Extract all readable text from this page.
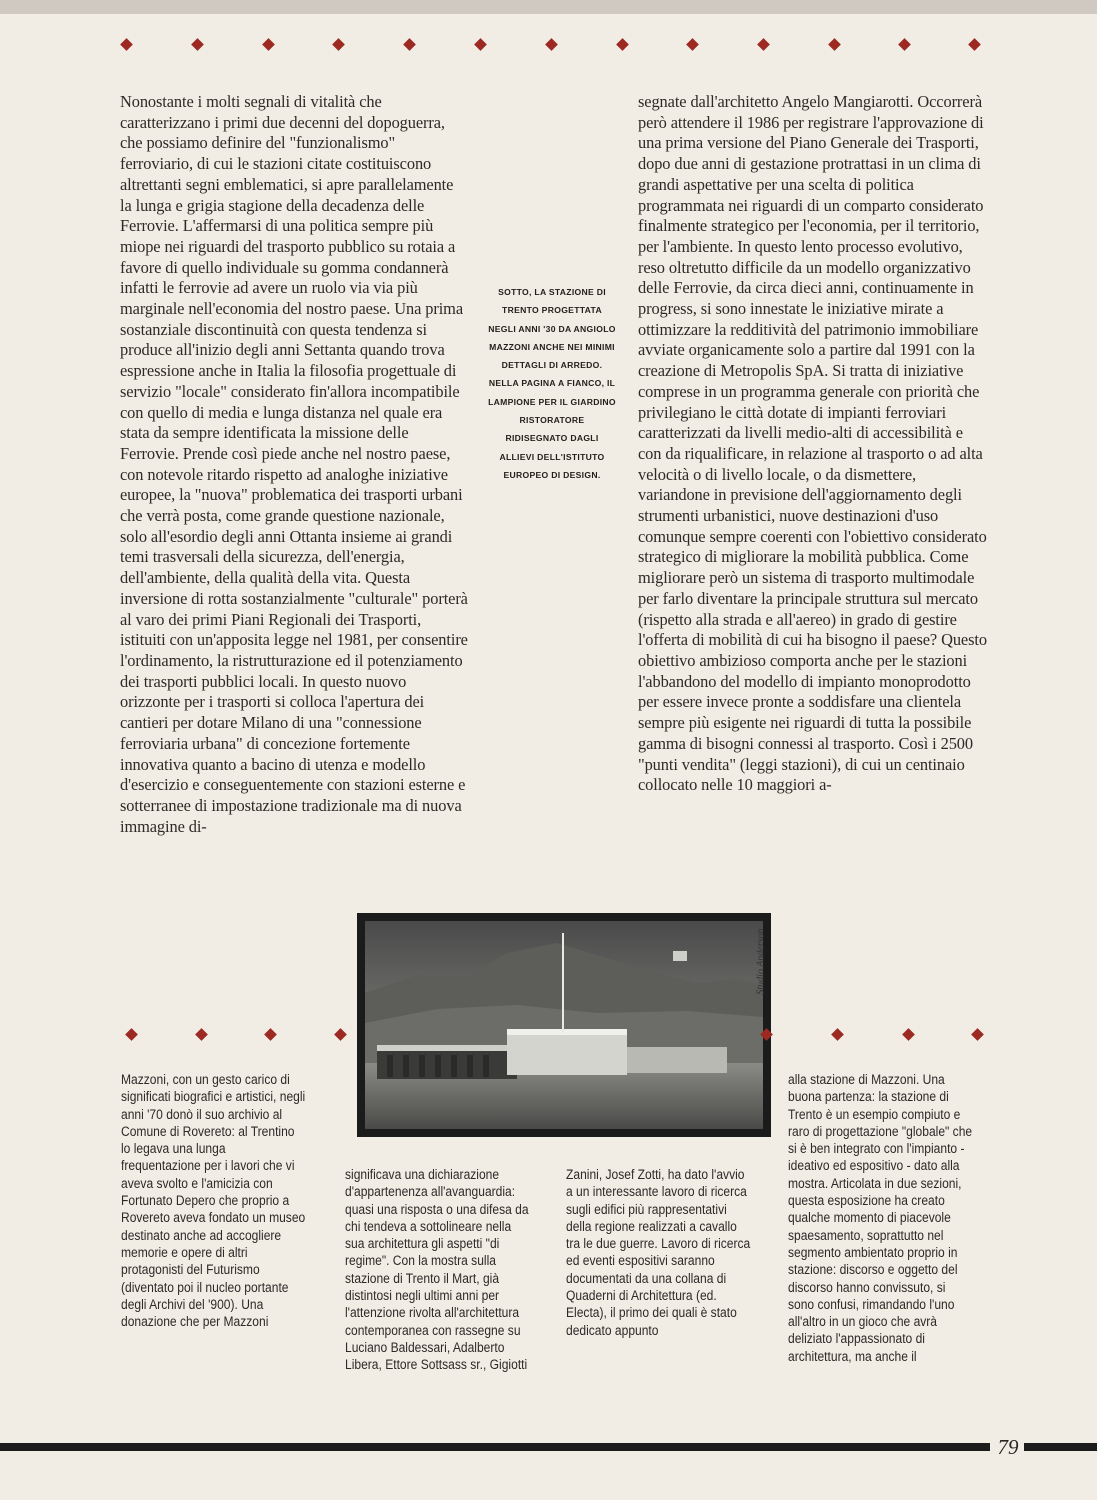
Nonostante i molti segnali di vitalità che caratterizzano i primi due decenni del dopoguerra, che possiamo definire del "funzionalismo" ferroviario, di cui le stazioni citate costituiscono altrettanti segni emblematici, si apre parallelamente la lunga e grigia stagione della decadenza delle Ferrovie. L'affermarsi di una politica sempre più miope nei riguardi del trasporto pubblico su rotaia a favore di quello individuale su gomma condannerà infatti le ferrovie ad avere un ruolo via via più marginale nell'economia del nostro paese. Una prima sostanziale discontinuità con questa tendenza si produce all'inizio degli anni Settanta quando trova espressione anche in Italia la filosofia progettuale di servizio "locale" considerato fin'allora incompatibile con quello di media e lunga distanza nel quale era stata da sempre identificata la missione delle Ferrovie. Prende così piede anche nel nostro paese, con notevole ritardo rispetto ad analoghe iniziative europee, la "nuova" problematica dei trasporti urbani che verrà posta, come grande questione nazionale, solo all'esordio degli anni Ottanta insieme ai grandi temi trasversali della sicurezza, dell'energia, dell'ambiente, della qualità della vita. Questa inversione di rotta sostanzialmente "culturale" porterà al varo dei primi Piani Regionali dei Trasporti, istituiti con un'apposita legge nel 1981, per consentire l'ordinamento, la ristrutturazione ed il potenziamento dei trasporti pubblici locali. In questo nuovo orizzonte per i trasporti si colloca l'apertura dei cantieri per dotare Milano di una "connessione ferroviaria urbana" di concezione fortemente innovativa quanto a bacino di utenza e modello d'esercizio e conseguentemente con stazioni esterne e sotterranee di impostazione tradizionale ma di nuova immagine di-

SOTTO, LA STAZIONE DI TRENTO PROGETTATA NEGLI ANNI '30 DA ANGIOLO MAZZONI ANCHE NEI MINIMI DETTAGLI DI ARREDO. NELLA PAGINA A FIANCO, IL LAMPIONE PER IL GIARDINO RISTORATORE RIDISEGNATO DAGLI ALLIEVI DELL'ISTITUTO EUROPEO DI DESIGN.

segnate dall'architetto Angelo Mangiarotti. Occorrerà però attendere il 1986 per registrare l'approvazione di una prima versione del Piano Generale dei Trasporti, dopo due anni di gestazione protrattasi in un clima di grandi aspettative per una scelta di politica programmata nei riguardi di un comparto considerato finalmente strategico per l'economia, per il territorio, per l'ambiente. In questo lento processo evolutivo, reso oltretutto difficile da un modello organizzativo delle Ferrovie, da circa dieci anni, continuamente in progress, si sono innestate le iniziative mirate a ottimizzare la redditività del patrimonio immobiliare avviate organicamente solo a partire dal 1991 con la creazione di Metropolis SpA. Si tratta di iniziative comprese in un programma generale con priorità che privilegiano le città dotate di impianti ferroviari caratterizzati da livelli medio-alti di accessibilità e con da riqualificare, in relazione al trasporto o ad alta velocità o di livello locale, o da dismettere, variandone in previsione dell'aggiornamento degli strumenti urbanistici, nuove destinazioni d'uso comunque sempre coerenti con l'obiettivo considerato strategico di migliorare la mobilità pubblica. Come migliorare però un sistema di trasporto multimodale per farlo diventare la principale struttura sul mercato (rispetto alla strada e all'aereo) in grado di gestire l'offerta di mobilità di cui ha bisogno il paese? Questo obiettivo ambizioso comporta anche per le stazioni l'abbandono del modello di impianto monoprodotto per essere invece pronte a soddisfare una clientela sempre più esigente nei riguardi di tutta la possibile gamma di bisogni connessi al trasporto. Così i 2500 "punti vendita" (leggi stazioni), di cui un centinaio collocato nelle 10 maggiori a-

Studio Anderson

Mazzoni, con un gesto carico di significati biografici e artistici, negli anni '70 donò il suo archivio al Comune di Rovereto: al Trentino lo legava una lunga frequentazione per i lavori che vi aveva svolto e l'amicizia con Fortunato Depero che proprio a Rovereto aveva fondato un museo destinato anche ad accogliere memorie e opere di altri protagonisti del Futurismo (diventato poi il nucleo portante degli Archivi del '900). Una donazione che per Mazzoni

significava una dichiarazione d'appartenenza all'avanguardia: quasi una risposta o una difesa da chi tendeva a sottolineare nella sua architettura gli aspetti "di regime". Con la mostra sulla stazione di Trento il Mart, già distintosi negli ultimi anni per l'attenzione rivolta all'architettura contemporanea con rassegne su Luciano Baldessari, Adalberto Libera, Ettore Sottsass sr., Gigiotti

Zanini, Josef Zotti, ha dato l'avvio a un interessante lavoro di ricerca sugli edifici più rappresentativi della regione realizzati a cavallo tra le due guerre. Lavoro di ricerca ed eventi espositivi saranno documentati da una collana di Quaderni di Architettura (ed. Electa), il primo dei quali è stato dedicato appunto

alla stazione di Mazzoni. Una buona partenza: la stazione di Trento è un esempio compiuto e raro di progettazione "globale" che si è ben integrato con l'impianto - ideativo ed espositivo - dato alla mostra. Articolata in due sezioni, questa esposizione ha creato qualche momento di piacevole spaesamento, soprattutto nel segmento ambientato proprio in stazione: discorso e oggetto del discorso hanno convissuto, si sono confusi, rimandando l'uno all'altro in un gioco che avrà deliziato l'appassionato di architettura, ma anche il

79
